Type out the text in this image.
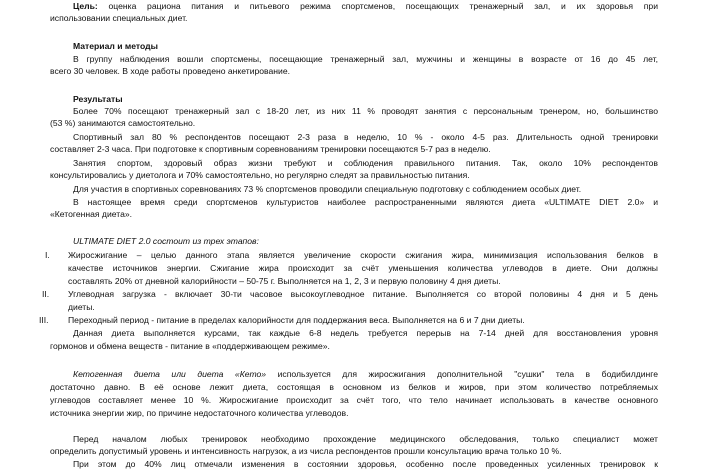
Цель: оценка рациона питания и питьевого режима спортсменов, посещающих тренажерный зал, и их здоровья при
использовании специальных диет.
Материал и методы
В группу наблюдения вошли спортсмены, посещающие тренажерный зал, мужчины и женщины в возрасте от 16 до 45 лет,
всего 30 человек. В ходе работы проведено анкетирование.
Результаты
Более 70% посещают тренажерный зал с 18-20 лет, из них 11 % проводят занятия с персональным тренером, но, большинство
(53 %) занимаются самостоятельно.
Спортивный зал 80 % респондентов посещают 2-3 раза в неделю, 10 % - около 4-5 раз. Длительность одной тренировки
составляет 2-3 часа. При подготовке к спортивным соревнованиям тренировки посещаются 5-7 раз в неделю.
Занятия спортом, здоровый образ жизни требуют и соблюдения правильного питания. Так, около 10% респондентов
консультировались у диетолога и 70% самостоятельно, но регулярно следят за правильностью питания.
Для участия в спортивных соревнованиях 73 % спортсменов проводили специальную подготовку с соблюдением особых диет.
В настоящее время среди спортсменов культуристов наиболее распространенными являются диета «ULTIMATE DIET 2.0» и
«Кетогенная диета».
ULTIMATE DIET 2.0 состоит из трех этапов:
I. Жиросжигание – целью данного этапа является увеличение скорости сжигания жира, минимизация использования белков в
качестве источников энергии. Сжигание жира происходит за счёт уменьшения количества углеводов в диете. Они должны
составлять 20% от дневной калорийности – 50-75 г. Выполняется на 1, 2, 3 и первую половину 4 дня диеты.
II. Углеводная загрузка - включает 30-ти часовое высокоуглеводное питание. Выполняется со второй половины 4 дня и 5 день
диеты.
III. Переходный период - питание в пределах калорийности для поддержания веса. Выполняется на 6 и 7 дни диеты.
Данная диета выполняется курсами, так каждые 6-8 недель требуется перерыв на 7-14 дней для восстановления уровня
гормонов и обмена веществ - питание в «поддерживающем режиме».
Кетогенная диета или диета «Кето» используется для жиросжигания дополнительной "сушки" тела в бодибилдинге
достаточно давно. В её основе лежит диета, состоящая в основном из белков и жиров, при этом количество потребляемых
углеводов составляет менее 10 %. Жиросжигание происходит за счёт того, что тело начинает использовать в качестве основного
источника энергии жир, по причине недостаточного количества углеводов.
Перед началом любых тренировок необходимо прохождение медицинского обследования, только специалист может
определить допустимый уровень и интенсивность нагрузок, а из числа респондентов прошли консультацию врача только 10 %.
При этом до 40% лиц отмечали изменения в состоянии здоровья, особенно после проведенных усиленных тренировок к
